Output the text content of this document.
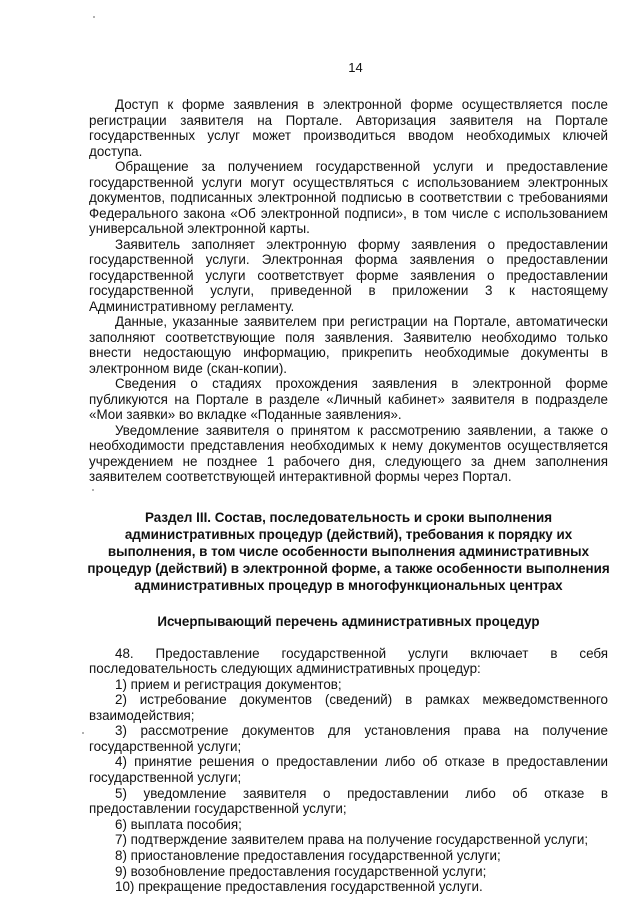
14

Доступ к форме заявления в электронной форме осуществляется после регистрации заявителя на Портале. Авторизация заявителя на Портале государственных услуг может производиться вводом необходимых ключей доступа.

Обращение за получением государственной услуги и предоставление государственной услуги могут осуществляться с использованием электронных документов, подписанных электронной подписью в соответствии с требованиями Федерального закона «Об электронной подписи», в том числе с использованием универсальной электронной карты.

Заявитель заполняет электронную форму заявления о предоставлении государственной услуги. Электронная форма заявления о предоставлении государственной услуги соответствует форме заявления о предоставлении государственной услуги, приведенной в приложении 3 к настоящему Административному регламенту.

Данные, указанные заявителем при регистрации на Портале, автоматически заполняют соответствующие поля заявления. Заявителю необходимо только внести недостающую информацию, прикрепить необходимые документы в электронном виде (скан-копии).

Сведения о стадиях прохождения заявления в электронной форме публикуются на Портале в разделе «Личный кабинет» заявителя в подразделе «Мои заявки» во вкладке «Поданные заявления».

Уведомление заявителя о принятом к рассмотрению заявлении, а также о необходимости представления необходимых к нему документов осуществляется учреждением не позднее 1 рабочего дня, следующего за днем заполнения заявителем соответствующей интерактивной формы через Портал.

Раздел III. Состав, последовательность и сроки выполнения административных процедур (действий), требования к порядку их выполнения, в том числе особенности выполнения административных процедур (действий) в электронной форме, а также особенности выполнения административных процедур в многофункциональных центрах
Исчерпывающий перечень административных процедур

48. Предоставление государственной услуги включает в себя последовательность следующих административных процедур:

1) прием и регистрация документов;
2) истребование документов (сведений) в рамках межведомственного взаимодействия;
3) рассмотрение документов для установления права на получение государственной услуги;
4) принятие решения о предоставлении либо об отказе в предоставлении государственной услуги;
5) уведомление заявителя о предоставлении либо об отказе в предоставлении государственной услуги;
6) выплата пособия;
7) подтверждение заявителем права на получение государственной услуги;
8) приостановление предоставления государственной услуги;
9) возобновление предоставления государственной услуги;
10) прекращение предоставления государственной услуги.
